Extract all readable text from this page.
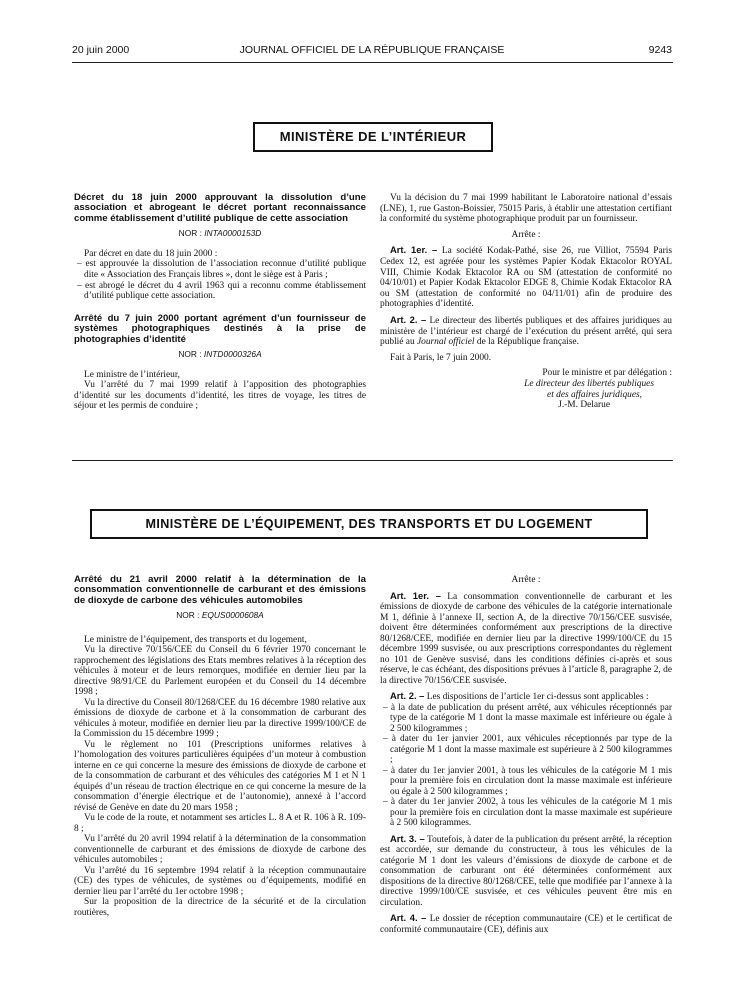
20 juin 2000	JOURNAL OFFICIEL DE LA RÉPUBLIQUE FRANÇAISE	9243
MINISTÈRE DE L’INTÉRIEUR
Décret du 18 juin 2000 approuvant la dissolution d’une association et abrogeant le décret portant reconnaissance comme établissement d’utilité publique de cette association
NOR : INTA0000153D

Par décret en date du 18 juin 2000 :

– est approuvée la dissolution de l’association reconnue d’utilité publique dite « Association des Français libres », dont le siège est à Paris ;

– est abrogé le décret du 4 avril 1963 qui a reconnu comme établissement d’utilité publique cette association.

Arrêté du 7 juin 2000 portant agrément d’un fournisseur de systèmes photographiques destinés à la prise de photographies d’identité
NOR : INTD0000326A

Le ministre de l’intérieur,

Vu l’arrêté du 7 mai 1999 relatif à l’apposition des photographies d’identité sur les documents d’identité, les titres de voyage, les titres de séjour et les permis de conduire ;

Vu la décision du 7 mai 1999 habilitant le Laboratoire national d’essais (LNE), 1, rue Gaston-Boissier, 75015 Paris, à établir une attestation certifiant la conformité du système photographique produit par un fournisseur.

Arrête :

Art. 1er. – La société Kodak-Pathé, sise 26, rue Villiot, 75594 Paris Cedex 12, est agréée pour les systèmes Papier Kodak Ektacolor ROYAL VIII, Chimie Kodak Ektacolor RA ou SM (attestation de conformité no 04/10/01) et Papier Kodak Ektacolor EDGE 8, Chimie Kodak Ektacolor RA ou SM (attestation de conformité no 04/11/01) afin de produire des photographies d’identité.

Art. 2. – Le directeur des libertés publiques et des affaires juridiques au ministère de l’intérieur est chargé de l’exécution du présent arrêté, qui sera publié au Journal officiel de la République française.

Fait à Paris, le 7 juin 2000.

Pour le ministre et par délégation :

Le directeur des libertés publiques

et des affaires juridiques,

J.-M. Delarue

MINISTÈRE DE L’ÉQUIPEMENT, DES TRANSPORTS ET DU LOGEMENT
Arrêté du 21 avril 2000 relatif à la détermination de la consommation conventionnelle de carburant et des émissions de dioxyde de carbone des véhicules automobiles
NOR : EQUS0000608A

Le ministre de l’équipement, des transports et du logement,

Vu la directive 70/156/CEE du Conseil du 6 février 1970 concernant le rapprochement des législations des Etats membres relatives à la réception des véhicules à moteur et de leurs remorques, modifiée en dernier lieu par la directive 98/91/CE du Parlement européen et du Conseil du 14 décembre 1998 ;

Vu la directive du Conseil 80/1268/CEE du 16 décembre 1980 relative aux émissions de dioxyde de carbone et à la consommation de carburant des véhicules à moteur, modifiée en dernier lieu par la directive 1999/100/CE de la Commission du 15 décembre 1999 ;

Vu le règlement no 101 (Prescriptions uniformes relatives à l’homologation des voitures particulières équipées d’un moteur à combustion interne en ce qui concerne la mesure des émissions de dioxyde de carbone et de la consommation de carburant et des véhicules des catégories M 1 et N 1 équipés d’un réseau de traction électrique en ce qui concerne la mesure de la consommation d’énergie électrique et de l’autonomie), annexé à l’accord révisé de Genève en date du 20 mars 1958 ;

Vu le code de la route, et notamment ses articles L. 8 A et R. 106 à R. 109-8 ;

Vu l’arrêté du 20 avril 1994 relatif à la détermination de la consommation conventionnelle de carburant et des émissions de dioxyde de carbone des véhicules automobiles ;

Vu l’arrêté du 16 septembre 1994 relatif à la réception communautaire (CE) des types de véhicules, de systèmes ou d’équipements, modifié en dernier lieu par l’arrêté du 1er octobre 1998 ;

Sur la proposition de la directrice de la sécurité et de la circulation routières,

Arrête :

Art. 1er. – La consommation conventionnelle de carburant et les émissions de dioxyde de carbone des véhicules de la catégorie internationale M 1, définie à l’annexe II, section A, de la directive 70/156/CEE susvisée, doivent être déterminées conformément aux prescriptions de la directive 80/1268/CEE, modifiée en dernier lieu par la directive 1999/100/CE du 15 décembre 1999 susvisée, ou aux prescriptions correspondantes du règlement no 101 de Genève susvisé, dans les conditions définies ci-après et sous réserve, le cas échéant, des dispositions prévues à l’article 8, paragraphe 2, de la directive 70/156/CEE susvisée.

Art. 2. – Les dispositions de l’article 1er ci-dessus sont applicables :

– à la date de publication du présent arrêté, aux véhicules réceptionnés par type de la catégorie M 1 dont la masse maximale est inférieure ou égale à 2 500 kilogrammes ;

– à dater du 1er janvier 2001, aux véhicules réceptionnés par type de la catégorie M 1 dont la masse maximale est supérieure à 2 500 kilogrammes ;

– à dater du 1er janvier 2001, à tous les véhicules de la catégorie M 1 mis pour la première fois en circulation dont la masse maximale est inférieure ou égale à 2 500 kilogrammes ;

– à dater du 1er janvier 2002, à tous les véhicules de la catégorie M 1 mis pour la première fois en circulation dont la masse maximale est supérieure à 2 500 kilogrammes.

Art. 3. – Toutefois, à dater de la publication du présent arrêté, la réception est accordée, sur demande du constructeur, à tous les véhicules de la catégorie M 1 dont les valeurs d’émissions de dioxyde de carbone et de consommation de carburant ont été déterminées conformément aux dispositions de la directive 80/1268/CEE, telle que modifiée par l’annexe à la directive 1999/100/CE susvisée, et ces véhicules peuvent être mis en circulation.

Art. 4. – Le dossier de réception communautaire (CE) et le certificat de conformité communautaire (CE), définis aux
